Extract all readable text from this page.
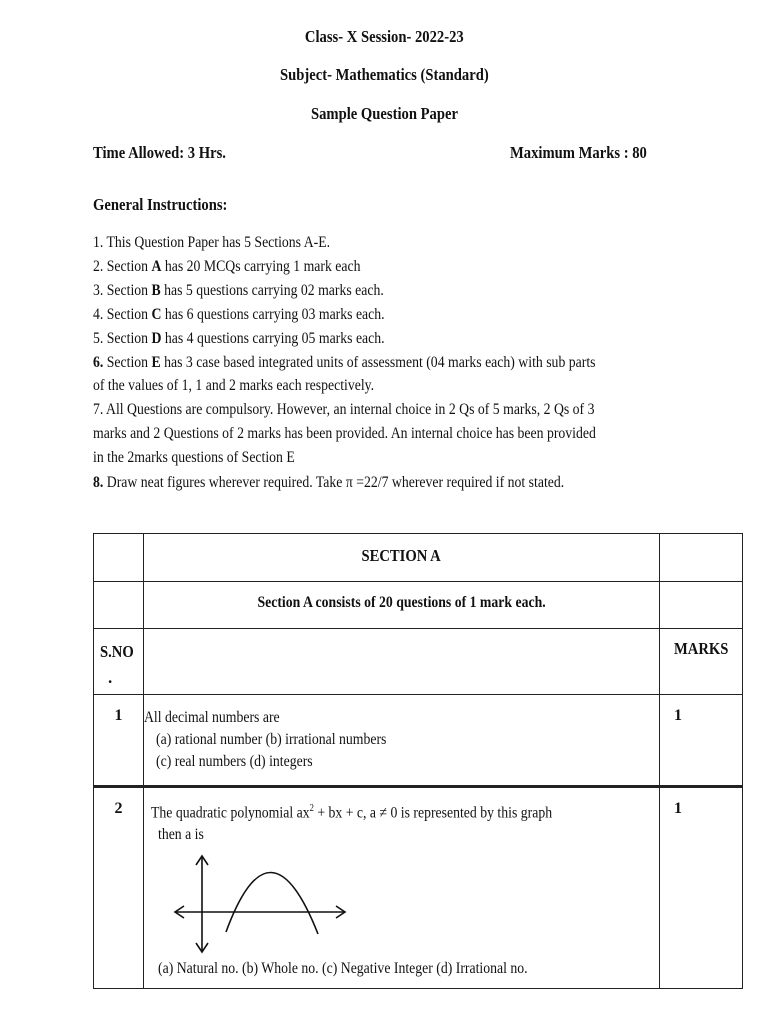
Class- X Session- 2022-23
Subject- Mathematics (Standard)
Sample Question Paper
Time Allowed: 3 Hrs.	Maximum Marks : 80
General Instructions:
1. This Question Paper has 5 Sections A-E.
2. Section A has 20 MCQs carrying 1 mark each
3. Section B has 5 questions carrying 02 marks each.
4. Section C has 6 questions carrying 03 marks each.
5. Section D has 4 questions carrying 05 marks each.
6. Section E has 3 case based integrated units of assessment (04 marks each) with sub parts
of the values of 1, 1 and 2 marks each respectively.
7. All Questions are compulsory. However, an internal choice in 2 Qs of 5 marks, 2 Qs of 3
marks and 2 Questions of 2 marks has been provided. An internal choice has been provided
in the 2marks questions of Section E
8. Draw neat figures wherever required. Take π =22/7 wherever required if not stated.
	SECTION A	
	Section A consists of 20 questions of 1 mark each.	
S.NO
.		MARKS
1	All decimal numbers are
(a) rational number (b) irrational numbers
(c) real numbers (d) integers	1
2	The quadratic polynomial $ax^2$ + bx + c, a ≠ 0 is represented by this graph
then a is
(a) Natural no. (b) Whole no. (c) Negative Integer (d) Irrational no.	1
